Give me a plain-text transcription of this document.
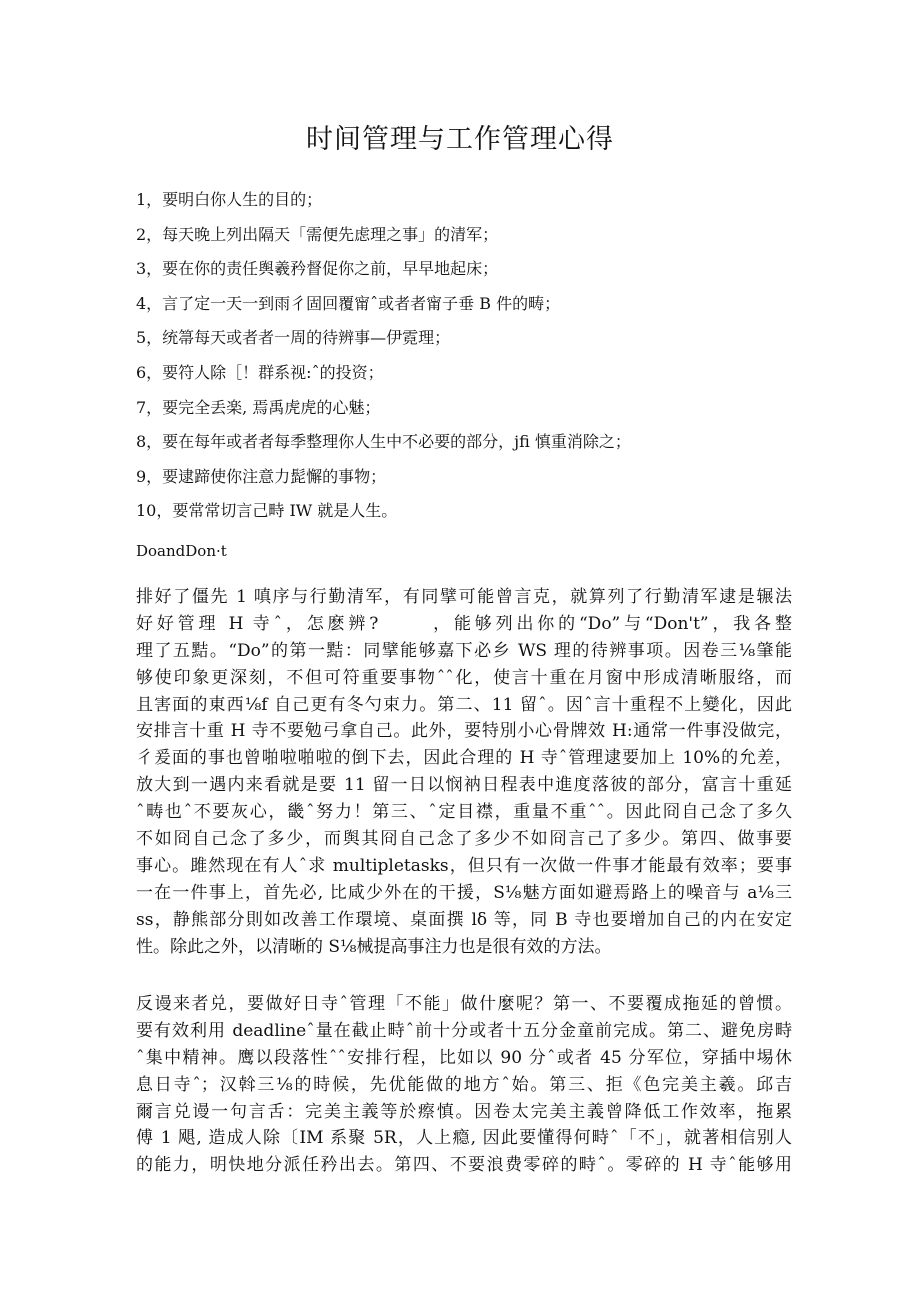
时间管理与工作管理心得
1，要明白你人生的目的；
2，每天晚上列出隔天「需便先虑理之事」的清军；
3，要在你的责任舆羲矜督促你之前，早早地起床；
4，言了定一天一到雨彳固回覆甯ˆ或者者甯子垂 B 件的畴；
5，统箒每天或者者一周的待辨事—伊霓理；
6，要符人除［！群系视:ˆ的投资；
7，要完全丢楽, 焉禹虎虎的心魅；
8，要在每年或者者每季整理你人生中不必要的部分，jﬁ 慎重消除之；
9，要逮蹄使你注意力髭懈的事物；
10，要常常切言己畤 IW 就是人生。
DoandDon·t
排好了僵先 1 嗔序与行勤清军，有同擘可能曾言克，就算列了行勤清军逮是辗法
好好管理 H 寺ˆ，怎麽辨?　　 ，能够列出你的“Do”与“Don't”，我各整
理了五黠。“Do”的第一黠：同擘能够嘉下必乡 WS 理的待辨事项。因卷三⅛肇能
够使印象更深刻，不但可符重要事物ˆˆ化，使言十重在月窗中形成清晰服络，而
且害面的東西⅛f 自己更有冬勺束力。第二、11 留ˆ。因ˆ言十重程不上變化，因此
安排言十重 H 寺不要勉弓拿自己。此外，要特別小心骨牌效 H:通常一件事没做完，
彳爰面的事也曾啪啦啪啦的倒下去，因此合理的 H 寺ˆ管理逮要加上 10%的允差，
放大到一遇内来看就是要 11 留一日以悯衲日程表中進度落彼的部分，富言十重延
ˆ畴也ˆ不要灰心，畿ˆ努力！第三、ˆ定目襟，重量不重ˆˆ。因此冏自己念了多久
不如冏自己念了多少，而舆其冏自己念了多少不如冏言己了多少。第四、做事要
事心。雎然现在有人ˆ求 multipletasks，但只有一次做一件事才能最有效率；要事
一在一件事上，首先必, 比咸少外在的干援，S⅛魅方面如避焉路上的噪音与 a⅛三
ss，静熊部分則如改善工作環境、桌面撰 lδ 等，同 B 寺也要增加自己的内在安定
性。除此之外，以清晰的 S⅛械提高事注力也是很有效的方法。
反谩来者兑，要做好日寺ˆ管理「不能」做什麼呢？第一、不要覆成拖延的曾惯。
要有效利用 deadlineˆ量在截止畤ˆ前十分或者十五分金童前完成。第二、避免房畤
ˆ集中精神。鹰以段落性ˆˆ安排行程，比如以 90 分ˆ或者 45 分军位，穿插中埸休
息日寺ˆ；汉斡三⅛的時候，先优能做的地方ˆ始。第三、拒《色完美主羲。邱吉
爾言兑谩一句言舌：完美主義等於瘵慎。因卷太完美主義曾降低工作效率，拖累
傅 1 飓, 造成人除〔IM 系聚 5R，人上瘾, 因此要懂得何畤ˆ「不」，就著相信别人
的能力，明快地分派任矜出去。第四、不要浪费零碎的畤ˆ。零碎的 H 寺ˆ能够用
